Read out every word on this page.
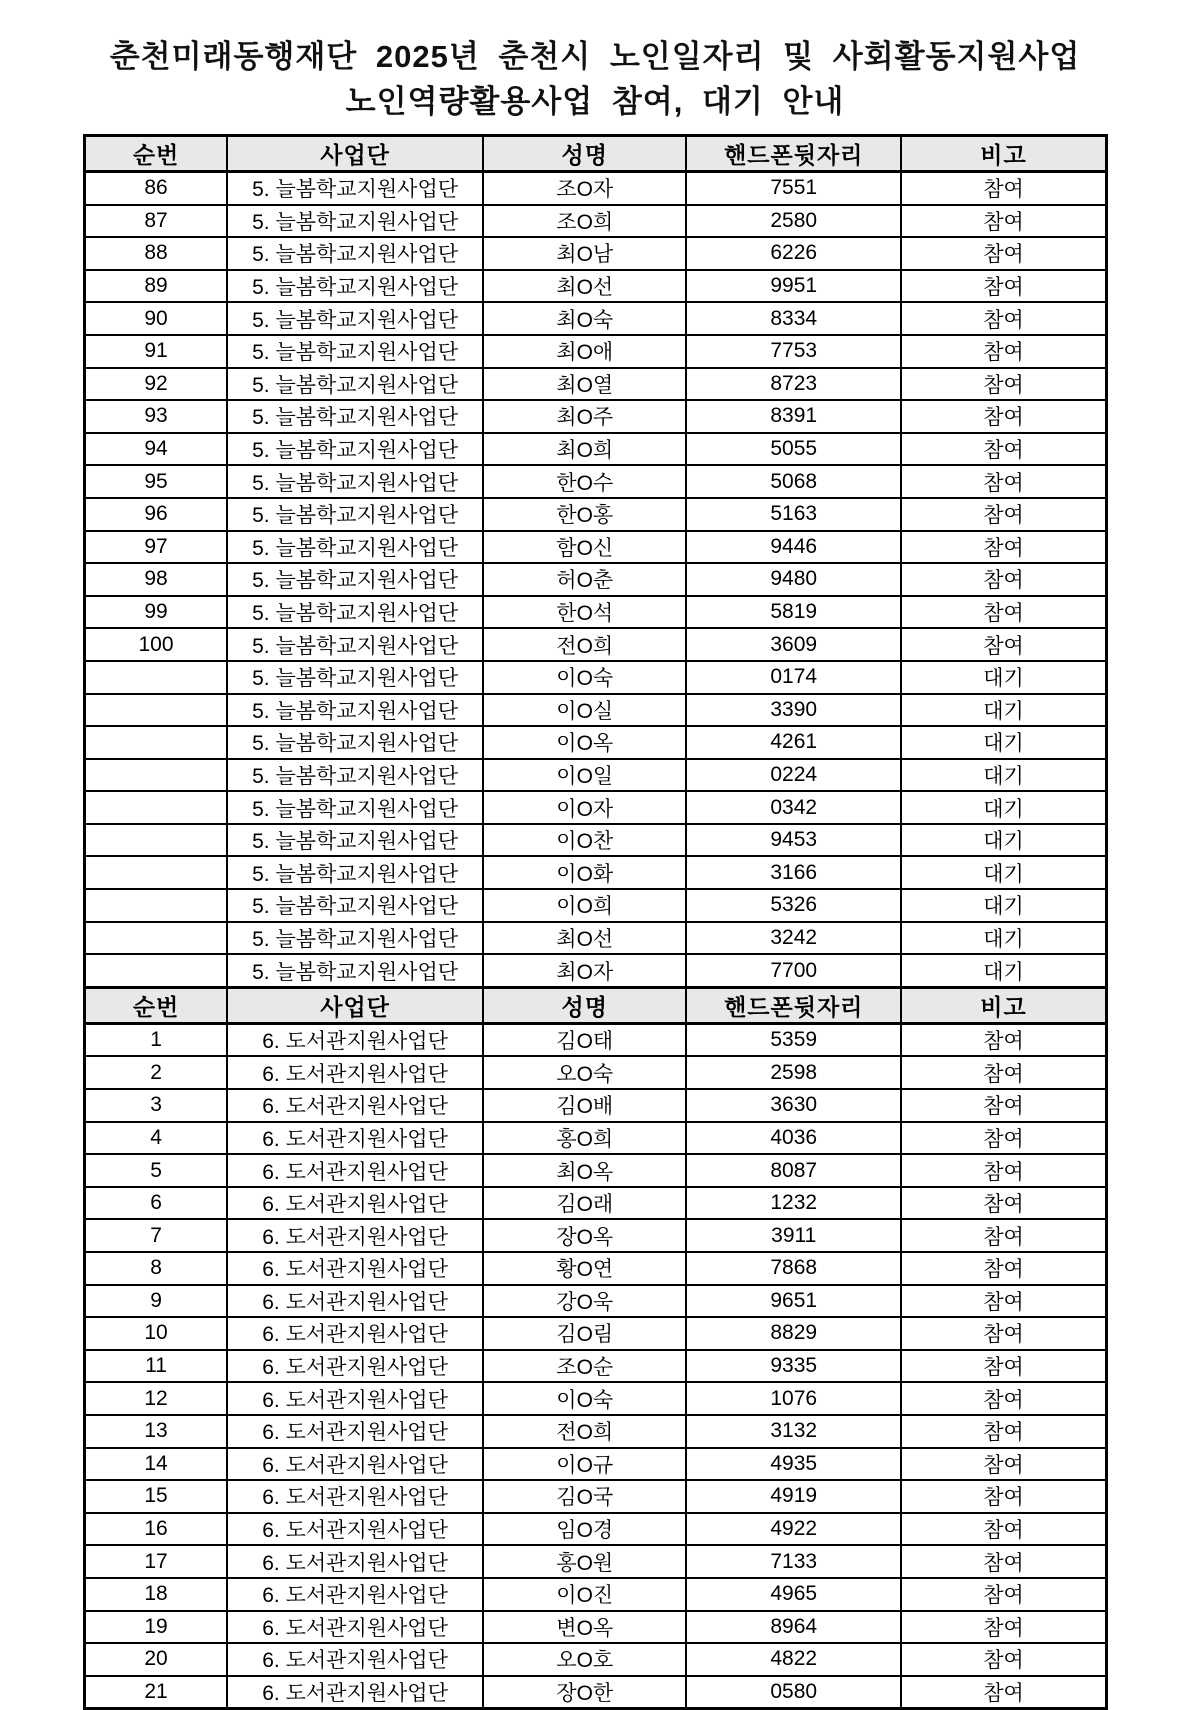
춘천미래동행재단 2025년 춘천시 노인일자리 및 사회활동지원사업
노인역량활용사업 참여, 대기 안내
순번	사업단	성명	핸드폰뒷자리	비고
86	5. 늘봄학교지원사업단	조O자	7551	참여
87	5. 늘봄학교지원사업단	조O희	2580	참여
88	5. 늘봄학교지원사업단	최O남	6226	참여
89	5. 늘봄학교지원사업단	최O선	9951	참여
90	5. 늘봄학교지원사업단	최O숙	8334	참여
91	5. 늘봄학교지원사업단	최O애	7753	참여
92	5. 늘봄학교지원사업단	최O열	8723	참여
93	5. 늘봄학교지원사업단	최O주	8391	참여
94	5. 늘봄학교지원사업단	최O희	5055	참여
95	5. 늘봄학교지원사업단	한O수	5068	참여
96	5. 늘봄학교지원사업단	한O홍	5163	참여
97	5. 늘봄학교지원사업단	함O신	9446	참여
98	5. 늘봄학교지원사업단	허O춘	9480	참여
99	5. 늘봄학교지원사업단	한O석	5819	참여
100	5. 늘봄학교지원사업단	전O희	3609	참여
	5. 늘봄학교지원사업단	이O숙	0174	대기
	5. 늘봄학교지원사업단	이O실	3390	대기
	5. 늘봄학교지원사업단	이O옥	4261	대기
	5. 늘봄학교지원사업단	이O일	0224	대기
	5. 늘봄학교지원사업단	이O자	0342	대기
	5. 늘봄학교지원사업단	이O찬	9453	대기
	5. 늘봄학교지원사업단	이O화	3166	대기
	5. 늘봄학교지원사업단	이O희	5326	대기
	5. 늘봄학교지원사업단	최O선	3242	대기
	5. 늘봄학교지원사업단	최O자	7700	대기
순번	사업단	성명	핸드폰뒷자리	비고
1	6. 도서관지원사업단	김O태	5359	참여
2	6. 도서관지원사업단	오O숙	2598	참여
3	6. 도서관지원사업단	김O배	3630	참여
4	6. 도서관지원사업단	홍O희	4036	참여
5	6. 도서관지원사업단	최O옥	8087	참여
6	6. 도서관지원사업단	김O래	1232	참여
7	6. 도서관지원사업단	장O옥	3911	참여
8	6. 도서관지원사업단	황O연	7868	참여
9	6. 도서관지원사업단	강O욱	9651	참여
10	6. 도서관지원사업단	김O림	8829	참여
11	6. 도서관지원사업단	조O순	9335	참여
12	6. 도서관지원사업단	이O숙	1076	참여
13	6. 도서관지원사업단	전O희	3132	참여
14	6. 도서관지원사업단	이O규	4935	참여
15	6. 도서관지원사업단	김O국	4919	참여
16	6. 도서관지원사업단	임O경	4922	참여
17	6. 도서관지원사업단	홍O원	7133	참여
18	6. 도서관지원사업단	이O진	4965	참여
19	6. 도서관지원사업단	변O옥	8964	참여
20	6. 도서관지원사업단	오O호	4822	참여
21	6. 도서관지원사업단	장O한	0580	참여
